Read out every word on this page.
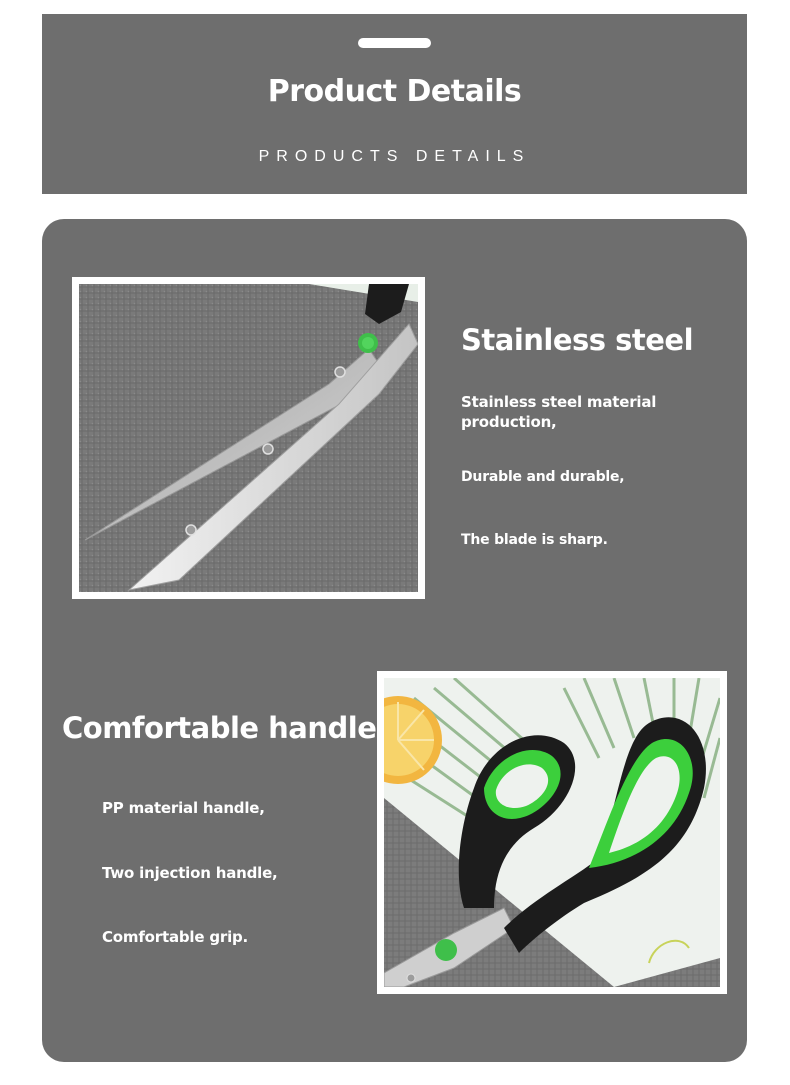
Product Details
PRODUCTS DETAILS
Stainless steel
Stainless steel material production,
Durable and durable,
The blade is sharp.
Comfortable handle
PP material handle,
Two injection handle,
Comfortable grip.
